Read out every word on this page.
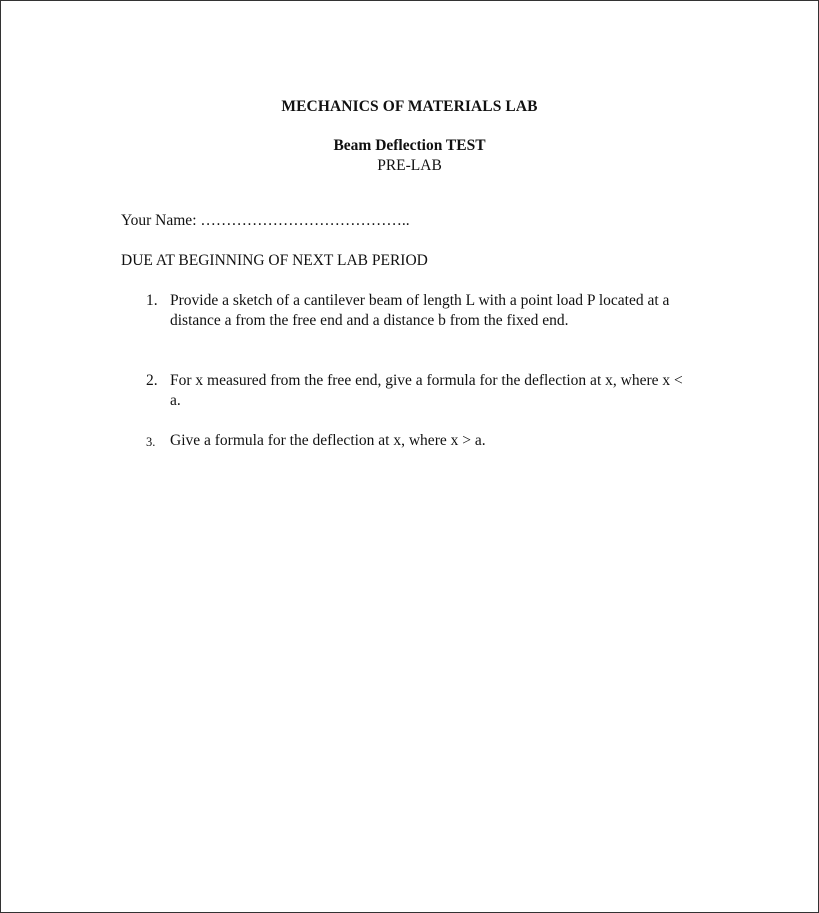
MECHANICS OF MATERIALS LAB
Beam Deflection TEST
PRE-LAB
Your Name: …………………………………..
DUE AT BEGINNING OF NEXT LAB PERIOD
1. Provide a sketch of a cantilever beam of length L with a point load P located at a distance a from the free end and a distance b from the fixed end.
2. For x measured from the free end, give a formula for the deflection at x, where x < a.
3. Give a formula for the deflection at x, where x > a.
